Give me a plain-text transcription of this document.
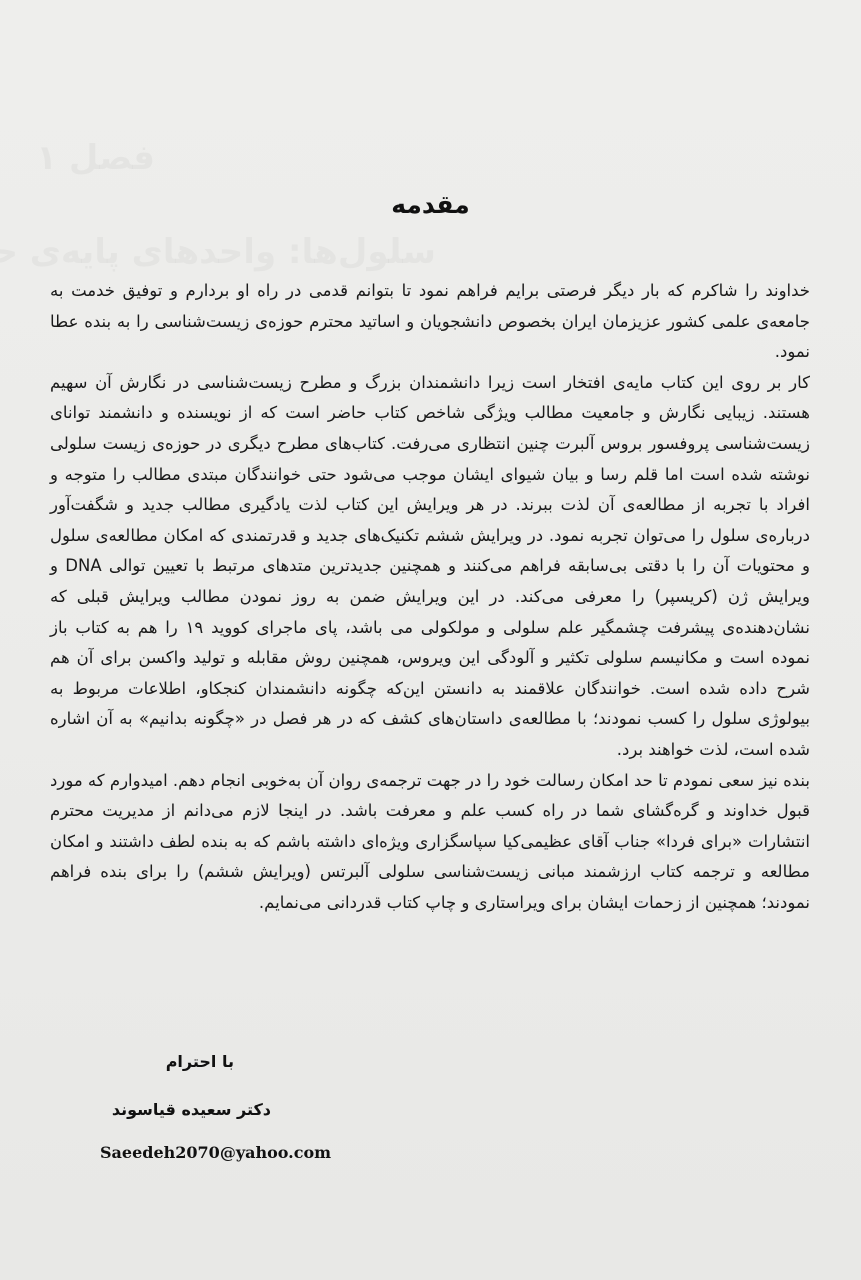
مقدمه

خداوند را شاکرم که بار دیگر فرصتی برایم فراهم نمود تا بتوانم قدمی در راه او بردارم و توفیق خدمت به جامعه‌ی علمی کشور عزیزمان ایران بخصوص دانشجویان و اساتید محترم حوزه‌ی زیست‌شناسی را به بنده عطا نمود.

کار بر روی این کتاب مایه‌ی افتخار است زیرا دانشمندان بزرگ و مطرح زیست‌شناسی در نگارش آن سهیم هستند. زیبایی نگارش و جامعیت مطالب ویژگی شاخص کتاب حاضر است که از نویسنده و دانشمند توانای زیست‌شناسی پروفسور بروس آلبرت چنین انتظاری می‌رفت. کتاب‌های مطرح دیگری در حوزه‌ی زیست سلولی نوشته شده است اما قلم رسا و بیان شیوای ایشان موجب می‌شود حتی خوانندگان مبتدی مطالب را متوجه و افراد با تجربه از مطالعه‌ی آن لذت ببرند. در هر ویرایش این کتاب لذت یادگیری مطالب جدید و شگفت‌آور درباره‌ی سلول را می‌توان تجربه نمود. در ویرایش ششم تکنیک‌های جدید و قدرتمندی که امکان مطالعه‌ی سلول و محتویات آن را با دقتی بی‌سابقه فراهم می‌کنند و همچنین جدیدترین متدهای مرتبط با تعیین توالی DNA و ویرایش ژن (کریسپر) را معرفی می‌کند. در این ویرایش ضمن به روز نمودن مطالب ویرایش قبلی که نشان‌دهنده‌ی پیشرفت چشمگیر علم سلولی و مولکولی می باشد، پای ماجرای کووید ۱۹ را هم به کتاب باز نموده است و مکانیسم سلولی تکثیر و آلودگی این ویروس، همچنین روش مقابله و تولید واکسن برای آن هم شرح داده شده است. خوانندگان علاقمند به دانستن این‌که چگونه دانشمندان کنجکاو، اطلاعات مربوط به بیولوژی سلول را کسب نمودند؛ با مطالعه‌ی داستان‌های کشف که در هر فصل در «چگونه بدانیم» به آن اشاره شده است، لذت خواهند برد.

بنده نیز سعی نمودم تا حد امکان رسالت خود را در جهت ترجمه‌ی روان آن به‌خوبی انجام دهم. امیدوارم که مورد قبول خداوند و گره‌گشای شما در راه کسب علم و معرفت باشد. در اینجا لازم می‌دانم از مدیریت محترم انتشارات «برای فردا» جناب آقای عظیمی‌کیا سپاسگزاری ویژه‌ای داشته باشم که به بنده لطف داشتند و امکان مطالعه و ترجمه کتاب ارزشمند مبانی زیست‌شناسی سلولی آلبرتس (ویرایش ششم) را برای بنده فراهم نمودند؛ همچنین از زحمات ایشان برای ویراستاری و چاپ کتاب قدردانی می‌نمایم.

با احترام
دکتر سعیده قیاسوند
Saeedeh2070@yahoo.com
